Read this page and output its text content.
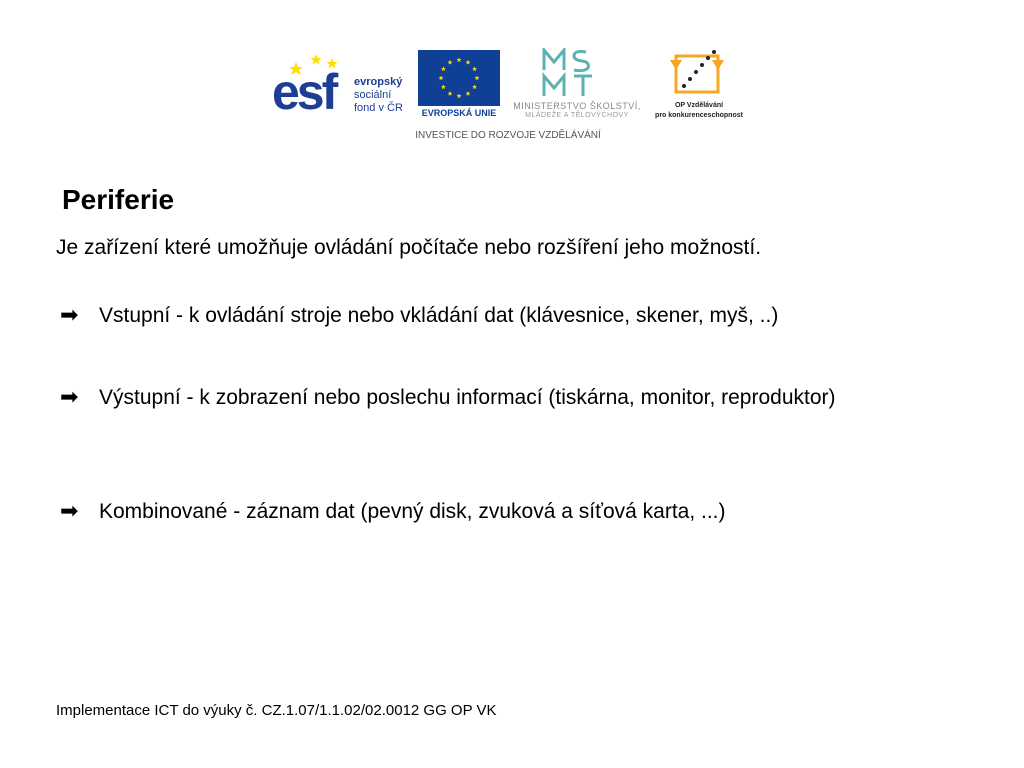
esf evropský
sociální
fond v ČR	EVROPSKÁ UNIE
MINISTERSTVO ŠKOLSTVÍ,
MLÁDEŽE A TĚLOVÝCHOVY
OP Vzdělávání
pro konkurenceschopnost
INVESTICE DO ROZVOJE VZDĚLÁVÁNÍ
Periferie
Je zařízení které umožňuje ovládání počítače nebo rozšíření jeho možností.
➡ Vstupní - k ovládání stroje nebo vkládání dat (klávesnice, skener, myš, ..)
➡ Výstupní - k zobrazení nebo poslechu informací (tiskárna, monitor, reproduktor)
➡ Kombinované - záznam dat (pevný disk, zvuková a síťová karta, ...)
Implementace ICT do výuky č. CZ.1.07/1.1.02/02.0012 GG OP VK
